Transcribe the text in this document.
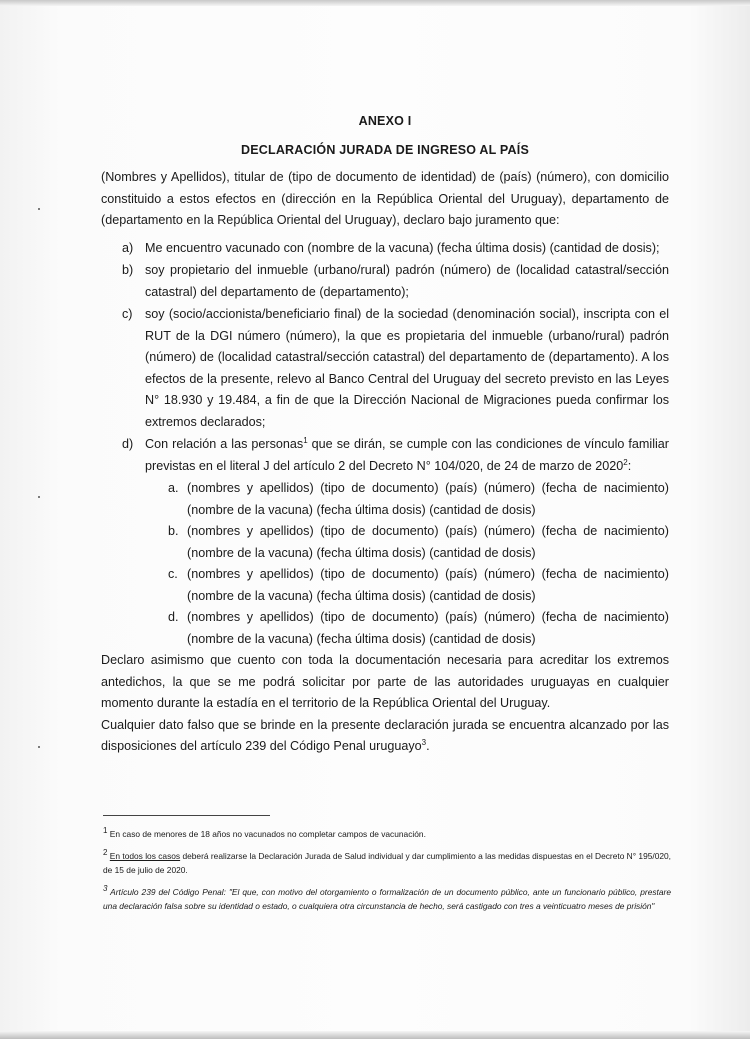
ANEXO I
DECLARACIÓN JURADA DE INGRESO AL PAÍS

(Nombres y Apellidos), titular de (tipo de documento de identidad) de (país) (número), con domicilio constituido a estos efectos en (dirección en la República Oriental del Uruguay), departamento de (departamento en la República Oriental del Uruguay), declaro bajo juramento que:

a) Me encuentro vacunado con (nombre de la vacuna) (fecha última dosis) (cantidad de dosis);
b) soy propietario del inmueble (urbano/rural) padrón (número) de (localidad catastral/sección catastral) del departamento de (departamento);
c) soy (socio/accionista/beneficiario final) de la sociedad (denominación social), inscripta con el RUT de la DGI número (número), la que es propietaria del inmueble (urbano/rural) padrón (número) de (localidad catastral/sección catastral) del departamento de (departamento). A los efectos de la presente, relevo al Banco Central del Uruguay del secreto previsto en las Leyes N° 18.930 y 19.484, a fin de que la Dirección Nacional de Migraciones pueda confirmar los extremos declarados;
d) Con relación a las personas$^1$ que se dirán, se cumple con las condiciones de vínculo familiar previstas en el literal J del artículo 2 del Decreto N° 104/020, de 24 de marzo de 2020$^2$:
a. (nombres y apellidos) (tipo de documento) (país) (número) (fecha de nacimiento) (nombre de la vacuna) (fecha última dosis) (cantidad de dosis)
b. (nombres y apellidos) (tipo de documento) (país) (número) (fecha de nacimiento) (nombre de la vacuna) (fecha última dosis) (cantidad de dosis)
c. (nombres y apellidos) (tipo de documento) (país) (número) (fecha de nacimiento) (nombre de la vacuna) (fecha última dosis) (cantidad de dosis)
d. (nombres y apellidos) (tipo de documento) (país) (número) (fecha de nacimiento) (nombre de la vacuna) (fecha última dosis) (cantidad de dosis)

Declaro asimismo que cuento con toda la documentación necesaria para acreditar los extremos antedichos, la que se me podrá solicitar por parte de las autoridades uruguayas en cualquier momento durante la estadía en el territorio de la República Oriental del Uruguay.

Cualquier dato falso que se brinde en la presente declaración jurada se encuentra alcanzado por las disposiciones del artículo 239 del Código Penal uruguayo$^3$.

$^1$ En caso de menores de 18 años no vacunados no completar campos de vacunación.
$^2$ En todos los casos deberá realizarse la Declaración Jurada de Salud individual y dar cumplimiento a las medidas dispuestas en el Decreto N° 195/020, de 15 de julio de 2020.
$^3$ Artículo 239 del Código Penal: "El que, con motivo del otorgamiento o formalización de un documento público, ante un funcionario público, prestare una declaración falsa sobre su identidad o estado, o cualquiera otra circunstancia de hecho, será castigado con tres a veinticuatro meses de prisión"
